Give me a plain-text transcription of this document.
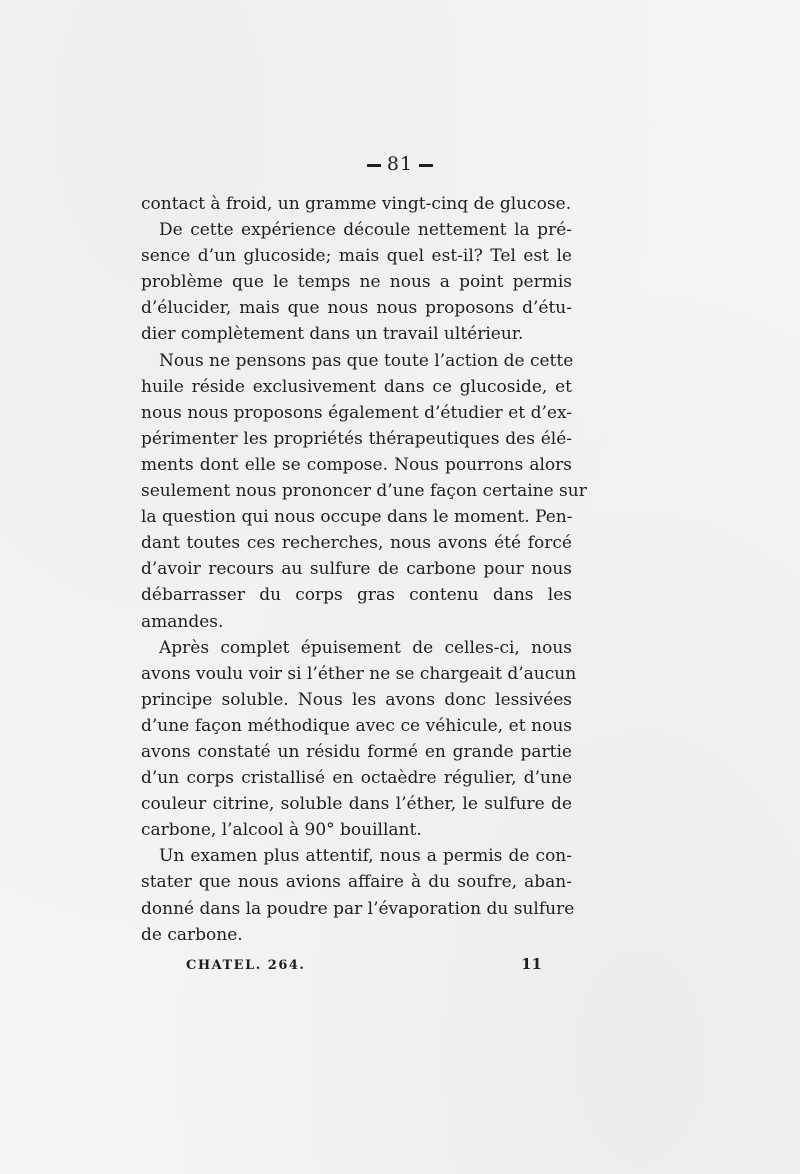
81
contact à froid, un gramme vingt-cinq de glucose.
De cette expérience découle nettement la pré-
sence d’un glucoside; mais quel est-il? Tel est le
problème que le temps ne nous a point permis
d’élucider, mais que nous nous proposons d’étu-
dier complètement dans un travail ultérieur.
Nous ne pensons pas que toute l’action de cette
huile réside exclusivement dans ce glucoside, et
nous nous proposons également d’étudier et d’ex-
périmenter les propriétés thérapeutiques des élé-
ments dont elle se compose. Nous pourrons alors
seulement nous prononcer d’une façon certaine sur
la question qui nous occupe dans le moment. Pen-
dant toutes ces recherches, nous avons été forcé
d’avoir recours au sulfure de carbone pour nous
débarrasser du corps gras contenu dans les
amandes.
Après complet épuisement de celles-ci, nous
avons voulu voir si l’éther ne se chargeait d’aucun
principe soluble. Nous les avons donc lessivées
d’une façon méthodique avec ce véhicule, et nous
avons constaté un résidu formé en grande partie
d’un corps cristallisé en octaèdre régulier, d’une
couleur citrine, soluble dans l’éther, le sulfure de
carbone, l’alcool à 90° bouillant.
Un examen plus attentif, nous a permis de con-
stater que nous avions affaire à du soufre, aban-
donné dans la poudre par l’évaporation du sulfure
de carbone.
CHATEL. 264.	11
